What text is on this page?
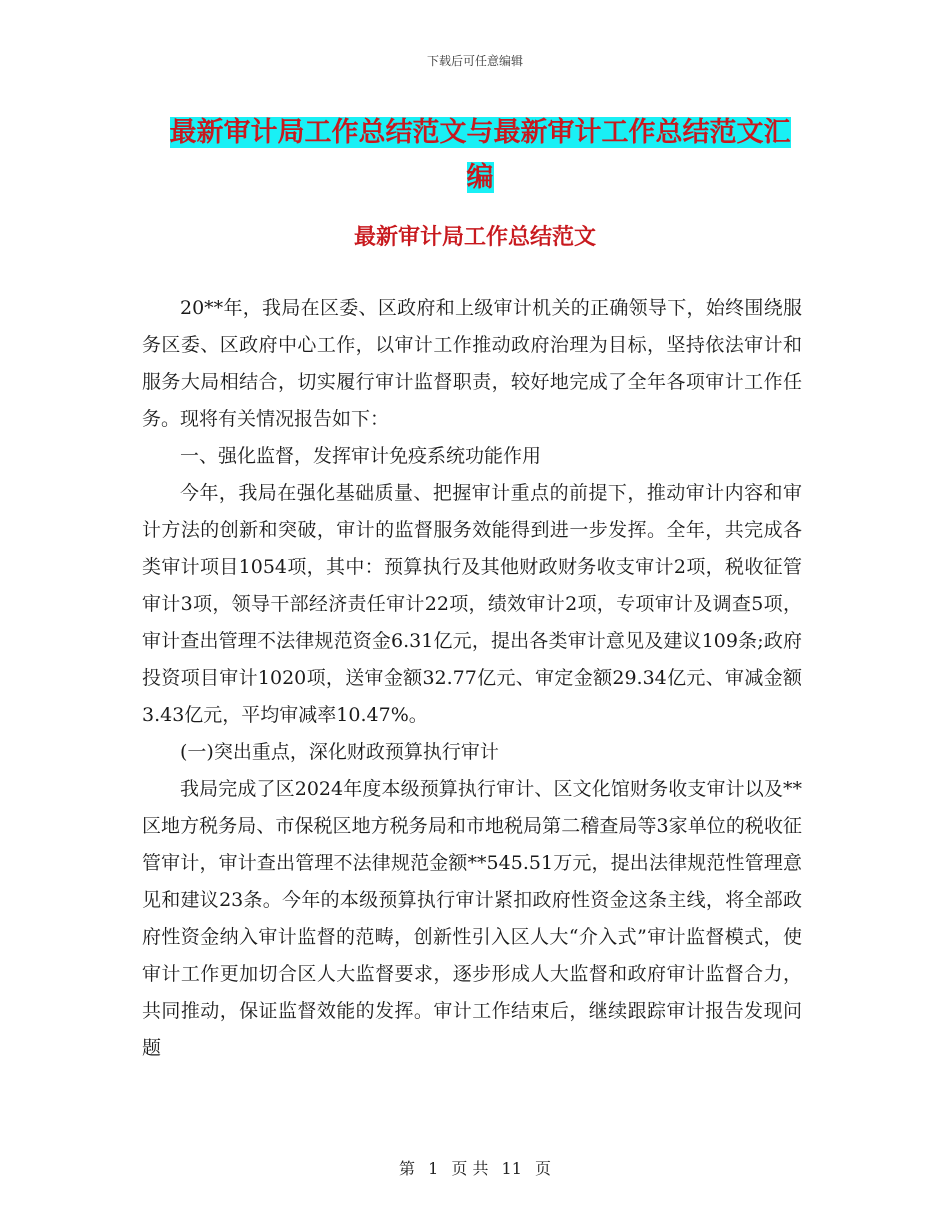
下载后可任意编辑
最新审计局工作总结范文与最新审计工作总结范文汇
编
最新审计局工作总结范文

20**年，我局在区委、区政府和上级审计机关的正确领导下，始终围绕服务区委、区政府中心工作，以审计工作推动政府治理为目标，坚持依法审计和服务大局相结合，切实履行审计监督职责，较好地完成了全年各项审计工作任务。现将有关情况报告如下：

一、强化监督，发挥审计免疫系统功能作用

今年，我局在强化基础质量、把握审计重点的前提下，推动审计内容和审计方法的创新和突破，审计的监督服务效能得到进一步发挥。全年，共完成各类审计项目1054项，其中：预算执行及其他财政财务收支审计2项，税收征管审计3项，领导干部经济责任审计22项，绩效审计2项，专项审计及调查5项，审计查出管理不法律规范资金6.31亿元，提出各类审计意见及建议109条;政府投资项目审计1020项，送审金额32.77亿元、审定金额29.34亿元、审减金额3.43亿元，平均审减率10.47%。

(一)突出重点，深化财政预算执行审计

我局完成了区2024年度本级预算执行审计、区文化馆财务收支审计以及**区地方税务局、市保税区地方税务局和市地税局第二稽查局等3家单位的税收征管审计，审计查出管理不法律规范金额**545.51万元，提出法律规范性管理意见和建议23条。今年的本级预算执行审计紧扣政府性资金这条主线，将全部政府性资金纳入审计监督的范畴，创新性引入区人大“介入式”审计监督模式，使审计工作更加切合区人大监督要求，逐步形成人大监督和政府审计监督合力，共同推动，保证监督效能的发挥。审计工作结束后，继续跟踪审计报告发现问题

第 1 页 共 11 页
